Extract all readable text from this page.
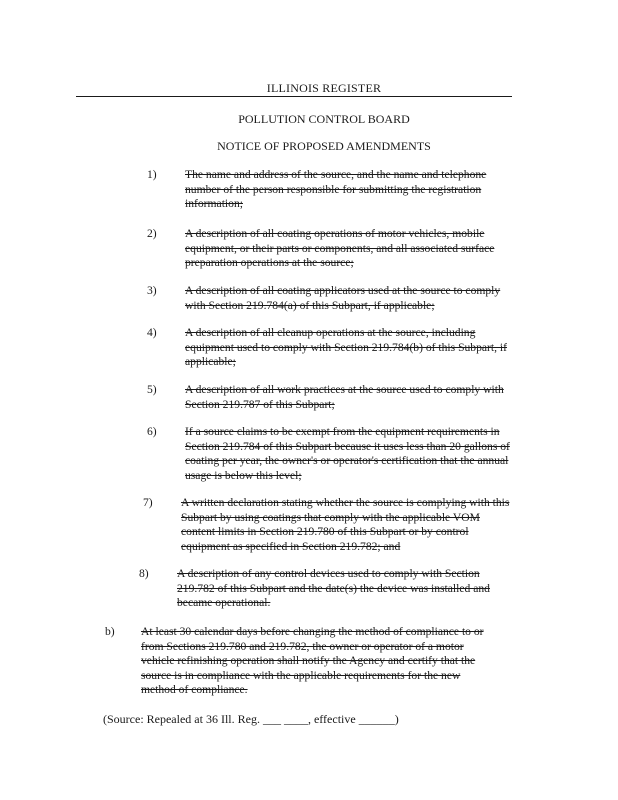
ILLINOIS REGISTER
POLLUTION CONTROL BOARD
NOTICE OF PROPOSED AMENDMENTS
1)	The name and address of the source, and the name and telephone number of the person responsible for submitting the registration information;
2)	A description of all coating operations of motor vehicles, mobile equipment, or their parts or components, and all associated surface preparation operations at the source;
3)	A description of all coating applicators used at the source to comply with Section 219.784(a) of this Subpart, if applicable;
4)	A description of all cleanup operations at the source, including equipment used to comply with Section 219.784(b) of this Subpart, if applicable;
5)	A description of all work practices at the source used to comply with Section 219.787 of this Subpart;
6)	If a source claims to be exempt from the equipment requirements in Section 219.784 of this Subpart because it uses less than 20 gallons of coating per year, the owner's or operator's certification that the annual usage is below this level;
7)	A written declaration stating whether the source is complying with this Subpart by using coatings that comply with the applicable VOM content limits in Section 219.780 of this Subpart or by control equipment as specified in Section 219.782; and
8)	A description of any control devices used to comply with Section 219.782 of this Subpart and the date(s) the device was installed and became operational.
b)	At least 30 calendar days before changing the method of compliance to or from Sections 219.780 and 219.782, the owner or operator of a motor vehicle refinishing operation shall notify the Agency and certify that the source is in compliance with the applicable requirements for the new method of compliance.
(Source: Repealed at 36 Ill. Reg. ___ ____, effective ______)
